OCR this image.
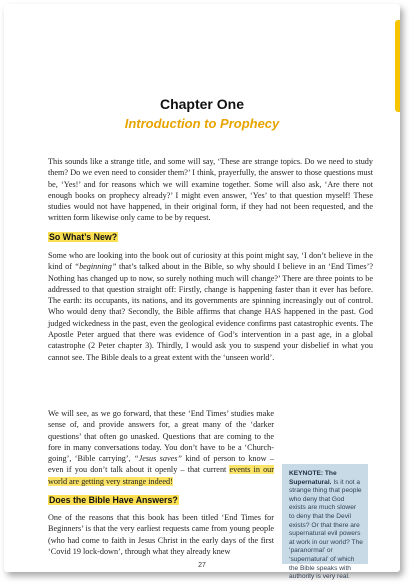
Chapter One
Introduction to Prophecy

This sounds like a strange title, and some will say, ‘These are strange topics. Do we need to study them? Do we even need to consider them?’ I think, prayerfully, the answer to those questions must be, ‘Yes!’ and for reasons which we will examine together. Some will also ask, ‘Are there not enough books on prophecy already?’ I might even answer, ‘Yes’ to that question myself! These studies would not have happened, in their original form, if they had not been requested, and the written form likewise only came to be by request.

So What’s New?

Some who are looking into the book out of curiosity at this point might say, ‘I don’t believe in the kind of “beginning” that’s talked about in the Bible, so why should I believe in an ‘End Times’? Nothing has changed up to now, so surely nothing much will change?’ There are three points to be addressed to that question straight off: Firstly, change is happening faster than it ever has before. The earth: its occupants, its nations, and its governments are spinning increasingly out of control. Who would deny that? Secondly, the Bible affirms that change HAS happened in the past. God judged wickedness in the past, even the geological evidence confirms past catastrophic events. The Apostle Peter argued that there was evidence of God’s intervention in a past age, in a global catastrophe (2 Peter chapter 3). Thirdly, I would ask you to suspend your disbelief in what you cannot see. The Bible deals to a great extent with the ‘unseen world’.

We will see, as we go forward, that these ‘End Times’ studies make sense of, and provide answers for, a great many of the ‘darker questions’ that often go unasked. Questions that are coming to the fore in many conversations today. You don’t have to be a ‘Church-going’, ‘Bible carrying’, “Jesus saves” kind of person to know – even if you don’t talk about it openly – that current events in our world are getting very strange indeed!

Does the Bible Have Answers?

One of the reasons that this book has been titled ‘End Times for Beginners’ is that the very earliest requests came from young people (who had come to faith in Jesus Christ in the early days of the first ‘Covid 19 lock-down’, through what they already knew

KEYNOTE: The Supernatural. Is it not a strange thing that people who deny that God exists are much slower to deny that the Devil exists? Or that there are supernatural evil powers at work in our world? The ‘paranormal’ or ‘supernatural’ of which the Bible speaks with authority is very real.
27
